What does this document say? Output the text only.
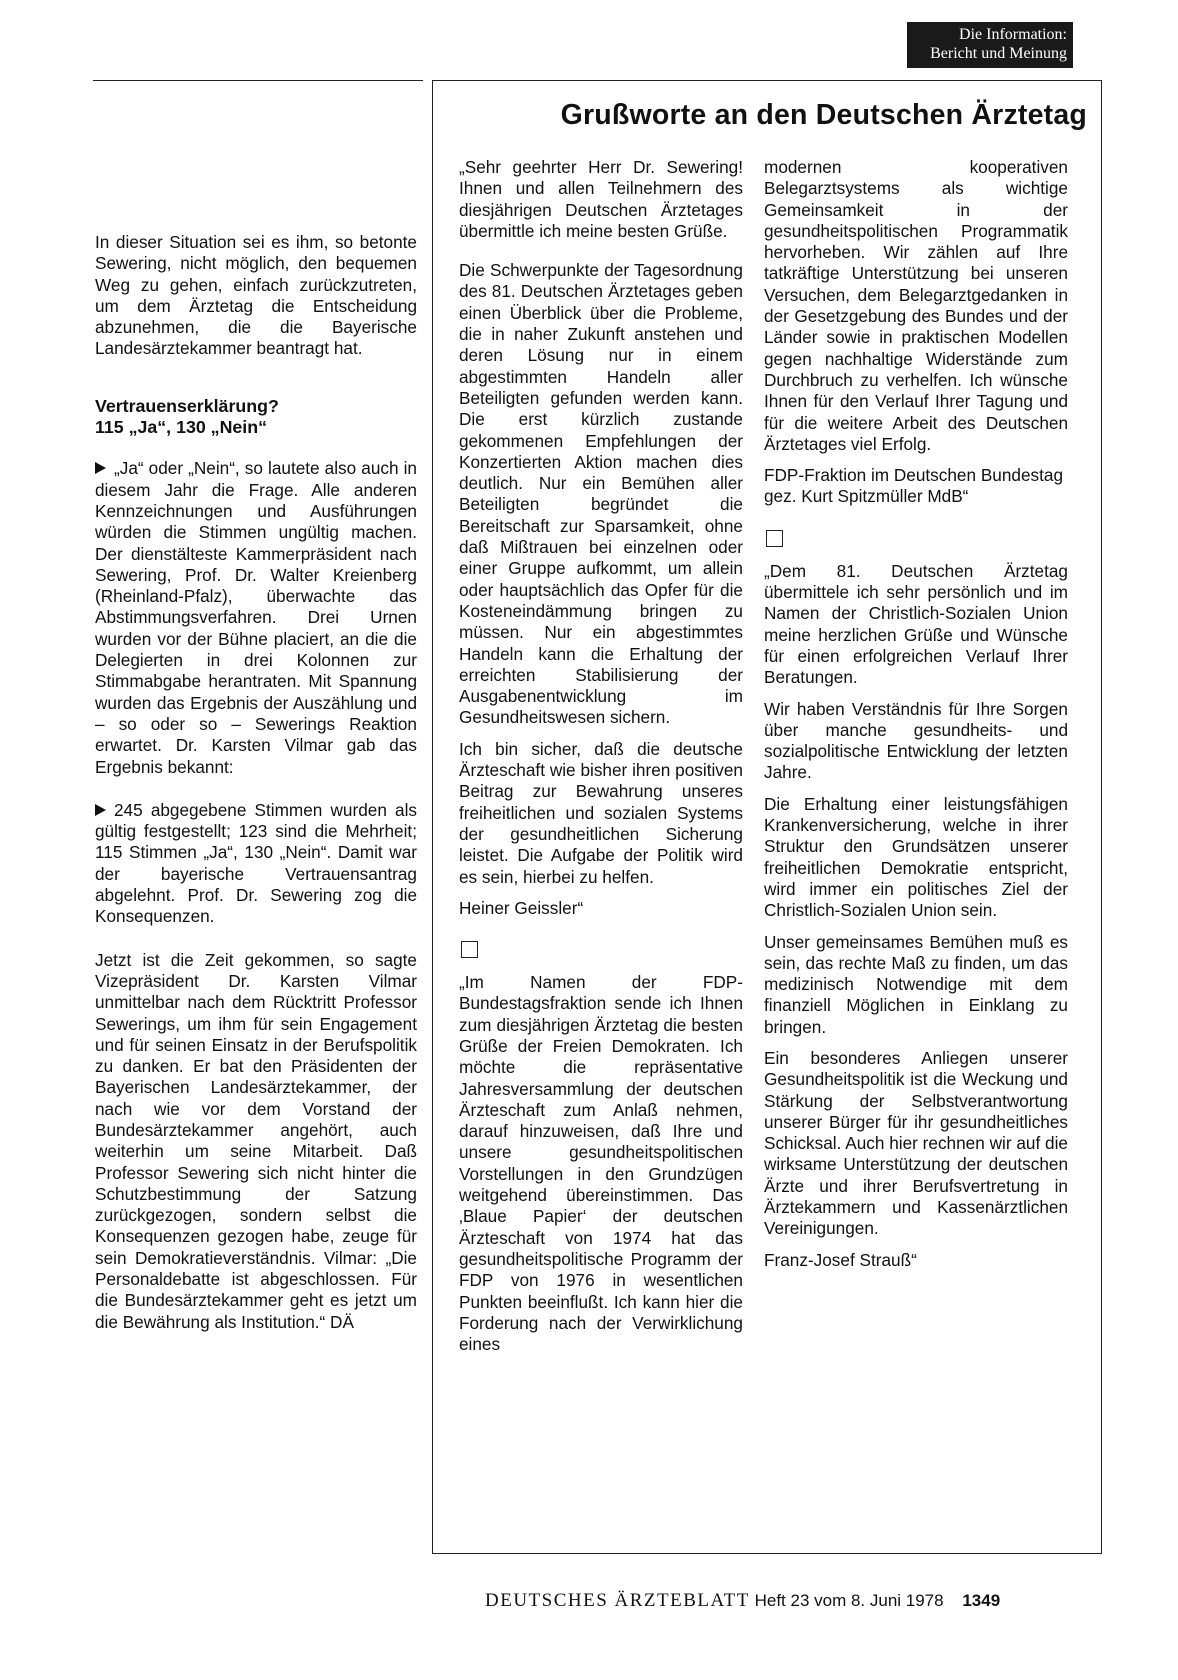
Die Information:
Bericht und Meinung

In dieser Situation sei es ihm, so betonte Sewering, nicht möglich, den bequemen Weg zu gehen, einfach zurückzutreten, um dem Ärztetag die Entscheidung abzunehmen, die die Bayerische Landesärztekammer beantragt hat.

Vertrauenserklärung?
115 „Ja“, 130 „Nein“

„Ja“ oder „Nein“, so lautete also auch in diesem Jahr die Frage. Alle anderen Kennzeichnungen und Ausführungen würden die Stimmen ungültig machen. Der dienstälteste Kammerpräsident nach Sewering, Prof. Dr. Walter Kreienberg (Rheinland-Pfalz), überwachte das Abstimmungsverfahren. Drei Urnen wurden vor der Bühne placiert, an die die Delegierten in drei Kolonnen zur Stimmabgabe herantraten. Mit Spannung wurden das Ergebnis der Auszählung und – so oder so – Sewerings Reaktion erwartet. Dr. Karsten Vilmar gab das Ergebnis bekannt:

245 abgegebene Stimmen wurden als gültig festgestellt; 123 sind die Mehrheit; 115 Stimmen „Ja“, 130 „Nein“. Damit war der bayerische Vertrauensantrag abgelehnt. Prof. Dr. Sewering zog die Konsequenzen.

Jetzt ist die Zeit gekommen, so sagte Vizepräsident Dr. Karsten Vilmar unmittelbar nach dem Rücktritt Professor Sewerings, um ihm für sein Engagement und für seinen Einsatz in der Berufspolitik zu danken. Er bat den Präsidenten der Bayerischen Landesärztekammer, der nach wie vor dem Vorstand der Bundesärztekammer angehört, auch weiterhin um seine Mitarbeit. Daß Professor Sewering sich nicht hinter die Schutzbestimmung der Satzung zurückgezogen, sondern selbst die Konsequenzen gezogen habe, zeuge für sein Demokratieverständnis. Vilmar: „Die Personaldebatte ist abgeschlossen. Für die Bundesärztekammer geht es jetzt um die Bewährung als Institution.“ DÄ

Grußworte an den Deutschen Ärztetag

„Sehr geehrter Herr Dr. Sewering! Ihnen und allen Teilnehmern des diesjährigen Deutschen Ärztetages übermittle ich meine besten Grüße.

Die Schwerpunkte der Tagesordnung des 81. Deutschen Ärztetages geben einen Überblick über die Probleme, die in naher Zukunft anstehen und deren Lösung nur in einem abgestimmten Handeln aller Beteiligten gefunden werden kann. Die erst kürzlich zustande gekommenen Empfehlungen der Konzertierten Aktion machen dies deutlich. Nur ein Bemühen aller Beteiligten begründet die Bereitschaft zur Sparsamkeit, ohne daß Mißtrauen bei einzelnen oder einer Gruppe aufkommt, um allein oder hauptsächlich das Opfer für die Kosteneindämmung bringen zu müssen. Nur ein abgestimmtes Handeln kann die Erhaltung der erreichten Stabilisierung der Ausgabenentwicklung im Gesundheitswesen sichern.

Ich bin sicher, daß die deutsche Ärzteschaft wie bisher ihren positiven Beitrag zur Bewahrung unseres freiheitlichen und sozialen Systems der gesundheitlichen Sicherung leistet. Die Aufgabe der Politik wird es sein, hierbei zu helfen.

Heiner Geissler“

„Im Namen der FDP-Bundestagsfraktion sende ich Ihnen zum diesjährigen Ärztetag die besten Grüße der Freien Demokraten. Ich möchte die repräsentative Jahresversammlung der deutschen Ärzteschaft zum Anlaß nehmen, darauf hinzuweisen, daß Ihre und unsere gesundheitspolitischen Vorstellungen in den Grundzügen weitgehend übereinstimmen. Das ‚Blaue Papier‘ der deutschen Ärzteschaft von 1974 hat das gesundheitspolitische Programm der FDP von 1976 in wesentlichen Punkten beeinflußt. Ich kann hier die Forderung nach der Verwirklichung eines

modernen kooperativen Belegarztsystems als wichtige Gemeinsamkeit in der gesundheitspolitischen Programmatik hervorheben. Wir zählen auf Ihre tatkräftige Unterstützung bei unseren Versuchen, dem Belegarztgedanken in der Gesetzgebung des Bundes und der Länder sowie in praktischen Modellen gegen nachhaltige Widerstände zum Durchbruch zu verhelfen. Ich wünsche Ihnen für den Verlauf Ihrer Tagung und für die weitere Arbeit des Deutschen Ärztetages viel Erfolg.

FDP-Fraktion im Deutschen Bundestag

gez. Kurt Spitzmüller MdB“

„Dem 81. Deutschen Ärztetag übermittele ich sehr persönlich und im Namen der Christlich-Sozialen Union meine herzlichen Grüße und Wünsche für einen erfolgreichen Verlauf Ihrer Beratungen.

Wir haben Verständnis für Ihre Sorgen über manche gesundheits- und sozialpolitische Entwicklung der letzten Jahre.

Die Erhaltung einer leistungsfähigen Krankenversicherung, welche in ihrer Struktur den Grundsätzen unserer freiheitlichen Demokratie entspricht, wird immer ein politisches Ziel der Christlich-Sozialen Union sein.

Unser gemeinsames Bemühen muß es sein, das rechte Maß zu finden, um das medizinisch Notwendige mit dem finanziell Möglichen in Einklang zu bringen.

Ein besonderes Anliegen unserer Gesundheitspolitik ist die Weckung und Stärkung der Selbstverantwortung unserer Bürger für ihr gesundheitliches Schicksal. Auch hier rechnen wir auf die wirksame Unterstützung der deutschen Ärzte und ihrer Berufsvertretung in Ärztekammern und Kassenärztlichen Vereinigungen.

Franz-Josef Strauß“

DEUTSCHES ÄRZTEBLATT Heft 23 vom 8. Juni 1978 1349
